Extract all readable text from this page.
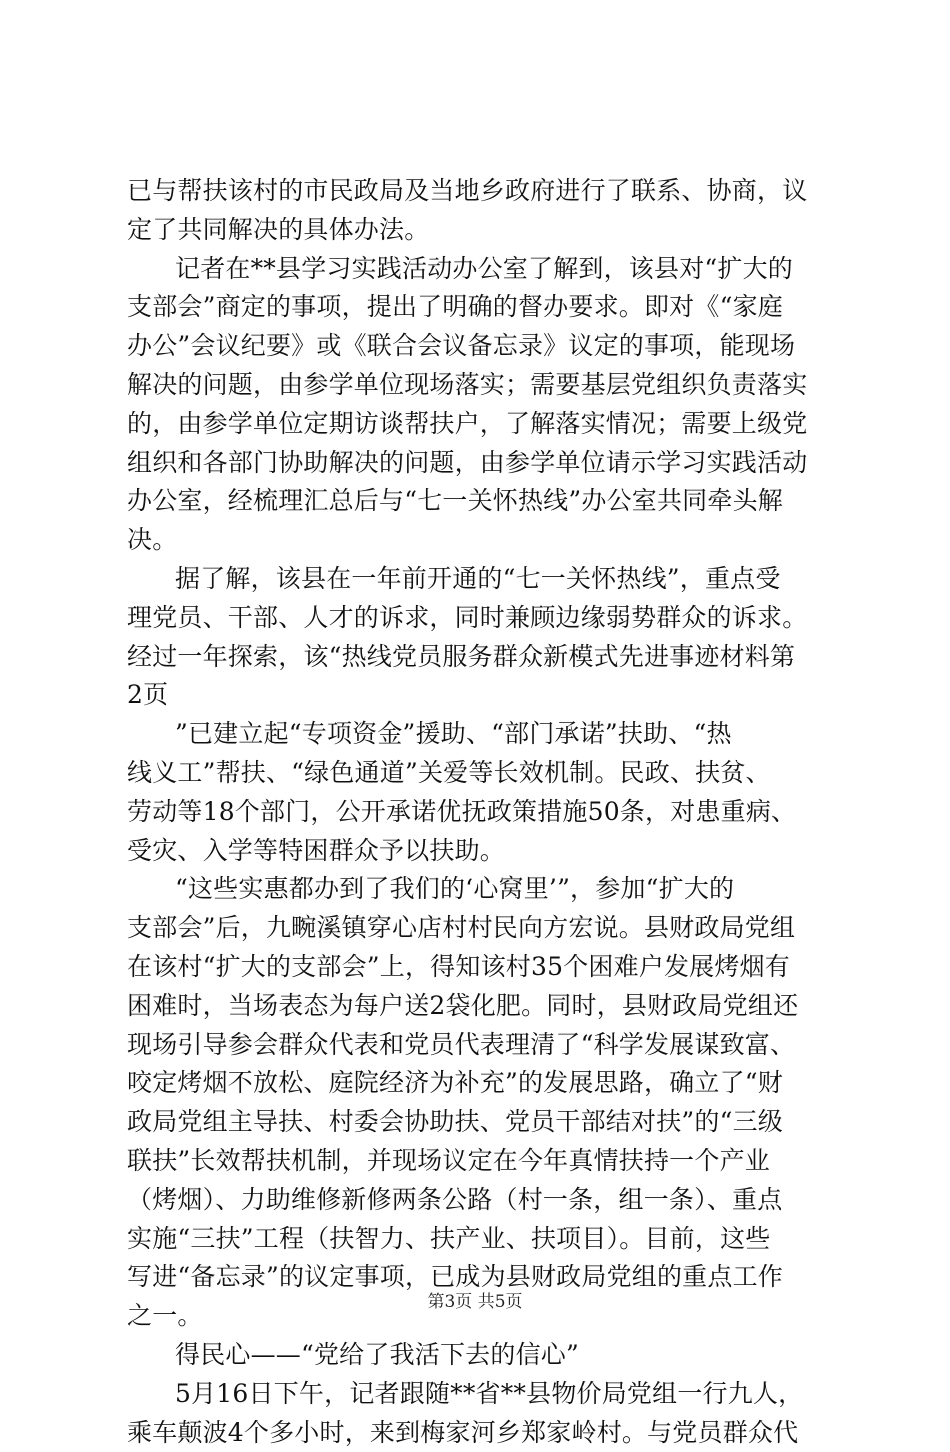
已与帮扶该村的市民政局及当地乡政府进行了联系、协商，议
定了共同解决的具体办法。
记者在**县学习实践活动办公室了解到，该县对“扩大的
支部会”商定的事项，提出了明确的督办要求。即对《“家庭
办公”会议纪要》或《联合会议备忘录》议定的事项，能现场
解决的问题，由参学单位现场落实；需要基层党组织负责落实
的，由参学单位定期访谈帮扶户，了解落实情况；需要上级党
组织和各部门协助解决的问题，由参学单位请示学习实践活动
办公室，经梳理汇总后与“七一关怀热线”办公室共同牵头解
决。
据了解，该县在一年前开通的“七一关怀热线”，重点受
理党员、干部、人才的诉求，同时兼顾边缘弱势群众的诉求。
经过一年探索，该“热线党员服务群众新模式先进事迹材料第
2页
”已建立起“专项资金”援助、“部门承诺”扶助、“热
线义工”帮扶、“绿色通道”关爱等长效机制。民政、扶贫、
劳动等18个部门，公开承诺优抚政策措施50条，对患重病、
受灾、入学等特困群众予以扶助。
“这些实惠都办到了我们的‘心窝里’”，参加“扩大的
支部会”后，九畹溪镇穿心店村村民向方宏说。县财政局党组
在该村“扩大的支部会”上，得知该村35个困难户发展烤烟有
困难时，当场表态为每户送2袋化肥。同时，县财政局党组还
现场引导参会群众代表和党员代表理清了“科学发展谋致富、
咬定烤烟不放松、庭院经济为补充”的发展思路，确立了“财
政局党组主导扶、村委会协助扶、党员干部结对扶”的“三级
联扶”长效帮扶机制，并现场议定在今年真情扶持一个产业
（烤烟）、力助维修新修两条公路（村一条，组一条）、重点
实施“三扶”工程（扶智力、扶产业、扶项目）。目前，这些
写进“备忘录”的议定事项，已成为县财政局党组的重点工作
之一。
得民心——“党给了我活下去的信心”
5月16日下午，记者跟随**省**县物价局党组一行九人，
乘车颠波4个多小时，来到梅家河乡郑家岭村。与党员群众代
第3页 共5页
